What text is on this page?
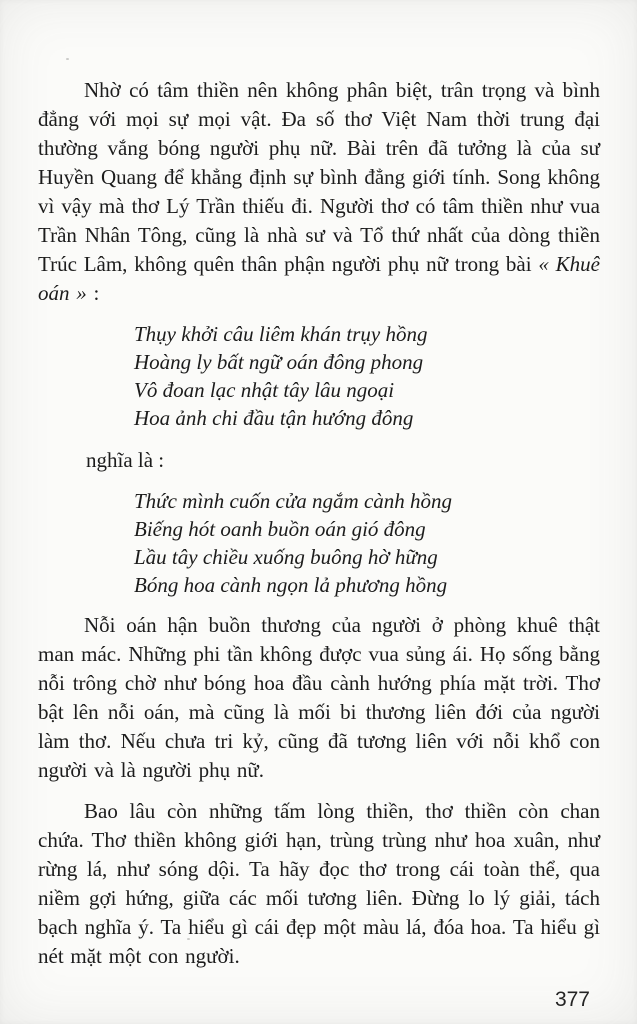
Nhờ có tâm thiền nên không phân biệt, trân trọng và bình đẳng với mọi sự mọi vật. Đa số thơ Việt Nam thời trung đại thường vắng bóng người phụ nữ. Bài trên đã tưởng là của sư Huyền Quang để khẳng định sự bình đẳng giới tính. Song không vì vậy mà thơ Lý Trần thiếu đi. Người thơ có tâm thiền như vua Trần Nhân Tông, cũng là nhà sư và Tổ thứ nhất của dòng thiền Trúc Lâm, không quên thân phận người phụ nữ trong bài « Khuê oán » :

Thụy khởi câu liêm khán trụy hồng
Hoàng ly bất ngữ oán đông phong
Vô đoan lạc nhật tây lâu ngoại
Hoa ảnh chi đầu tận hướng đông
nghĩa là :
Thức mình cuốn cửa ngắm cành hồng
Biếng hót oanh buồn oán gió đông
Lầu tây chiều xuống buông hờ hững
Bóng hoa cành ngọn lả phương hồng

Nỗi oán hận buồn thương của người ở phòng khuê thật man mác. Những phi tần không được vua sủng ái. Họ sống bằng nỗi trông chờ như bóng hoa đầu cành hướng phía mặt trời. Thơ bật lên nỗi oán, mà cũng là mối bi thương liên đới của người làm thơ. Nếu chưa tri kỷ, cũng đã tương liên với nỗi khổ con người và là người phụ nữ.

Bao lâu còn những tấm lòng thiền, thơ thiền còn chan chứa. Thơ thiền không giới hạn, trùng trùng như hoa xuân, như rừng lá, như sóng dội. Ta hãy đọc thơ trong cái toàn thể, qua niềm gợi hứng, giữa các mối tương liên. Đừng lo lý giải, tách bạch nghĩa ý. Ta hiểu gì cái đẹp một màu lá, đóa hoa. Ta hiểu gì nét mặt một con người.

377
